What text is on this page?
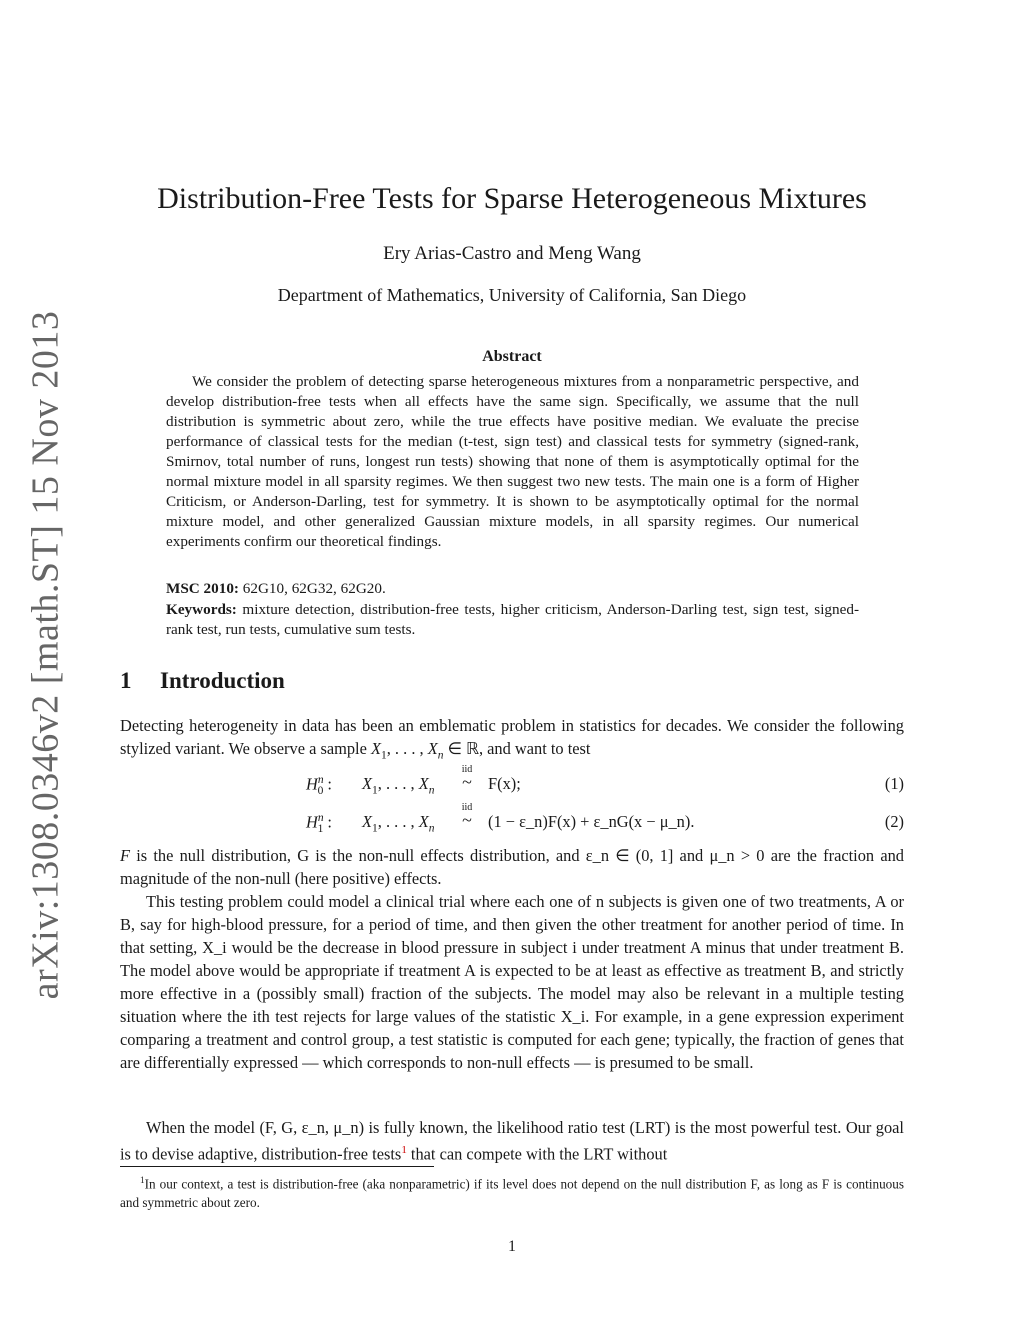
arXiv:1308.0346v2 [math.ST] 15 Nov 2013
Distribution-Free Tests for Sparse Heterogeneous Mixtures
Ery Arias-Castro and Meng Wang
Department of Mathematics, University of California, San Diego
Abstract

We consider the problem of detecting sparse heterogeneous mixtures from a nonparametric perspective, and develop distribution-free tests when all effects have the same sign. Specifically, we assume that the null distribution is symmetric about zero, while the true effects have positive median. We evaluate the precise performance of classical tests for the median (t-test, sign test) and classical tests for symmetry (signed-rank, Smirnov, total number of runs, longest run tests) showing that none of them is asymptotically optimal for the normal mixture model in all sparsity regimes. We then suggest two new tests. The main one is a form of Higher Criticism, or Anderson-Darling, test for symmetry. It is shown to be asymptotically optimal for the normal mixture model, and other generalized Gaussian mixture models, in all sparsity regimes. Our numerical experiments confirm our theoretical findings.

MSC 2010: 62G10, 62G32, 62G20.

Keywords: mixture detection, distribution-free tests, higher criticism, Anderson-Darling test, sign test, signed-rank test, run tests, cumulative sum tests.

1 Introduction

Detecting heterogeneity in data has been an emblematic problem in statistics for decades. We consider the following stylized variant. We observe a sample $X_1$, . . . , $X_n$ ∈ ℝ, and want to test

$H^n_0$ : $X_1$, . . . , $X_n$
iid
~ F(x);	(1)
$H^n_1$ : $X_1$, . . . , $X_n$
iid
~ (1 − ε_n)F(x) + ε_nG(x − μ_n).	(2)

F is the null distribution, G is the non-null effects distribution, and ε_n ∈ (0, 1] and μ_n > 0 are the fraction and magnitude of the non-null (here positive) effects.

This testing problem could model a clinical trial where each one of n subjects is given one of two treatments, A or B, say for high-blood pressure, for a period of time, and then given the other treatment for another period of time. In that setting, X_i would be the decrease in blood pressure in subject i under treatment A minus that under treatment B. The model above would be appropriate if treatment A is expected to be at least as effective as treatment B, and strictly more effective in a (possibly small) fraction of the subjects. The model may also be relevant in a multiple testing situation where the ith test rejects for large values of the statistic X_i. For example, in a gene expression experiment comparing a treatment and control group, a test statistic is computed for each gene; typically, the fraction of genes that are differentially expressed — which corresponds to non-null effects — is presumed to be small.

When the model (F, G, ε_n, μ_n) is fully known, the likelihood ratio test (LRT) is the most powerful test. Our goal is to devise adaptive, distribution-free tests$^1$ that can compete with the LRT without

$^1$In our context, a test is distribution-free (aka nonparametric) if its level does not depend on the null distribution F, as long as F is continuous and symmetric about zero.

1
